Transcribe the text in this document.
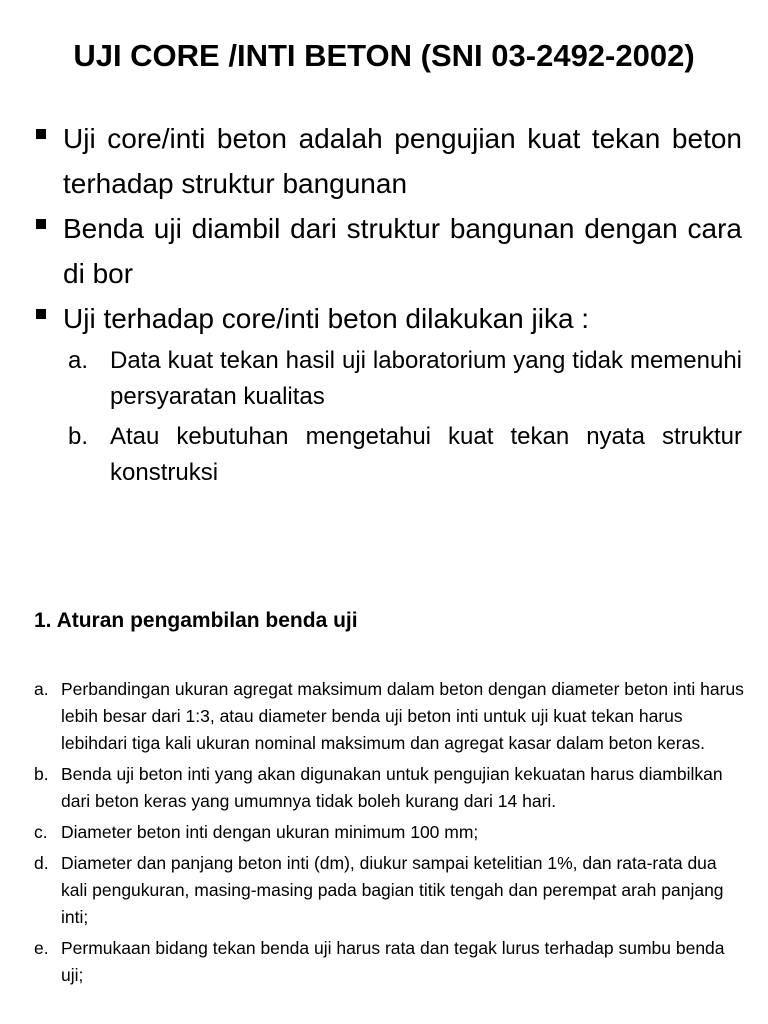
UJI CORE /INTI BETON (SNI 03-2492-2002)
Uji core/inti beton adalah pengujian kuat tekan beton terhadap struktur bangunan
Benda uji diambil dari struktur bangunan dengan cara di bor
Uji terhadap core/inti beton dilakukan jika :
a. Data kuat tekan hasil uji laboratorium yang tidak memenuhi persyaratan kualitas
b. Atau kebutuhan mengetahui kuat tekan nyata struktur konstruksi
1. Aturan pengambilan benda uji
a. Perbandingan ukuran agregat maksimum dalam beton dengan diameter beton inti harus lebih besar dari 1:3, atau diameter benda uji beton inti untuk uji kuat tekan harus lebihdari tiga kali ukuran nominal maksimum dan agregat kasar dalam beton keras.
b. Benda uji beton inti yang akan digunakan untuk pengujian kekuatan harus diambilkan dari beton keras yang umumnya tidak boleh kurang dari 14 hari.
c. Diameter beton inti dengan ukuran minimum 100 mm;
d. Diameter dan panjang beton inti (dm), diukur sampai ketelitian 1%, dan rata-rata dua kali pengukuran, masing-masing pada bagian titik tengah dan perempat arah panjang inti;
e. Permukaan bidang tekan benda uji harus rata dan tegak lurus terhadap sumbu benda uji;
